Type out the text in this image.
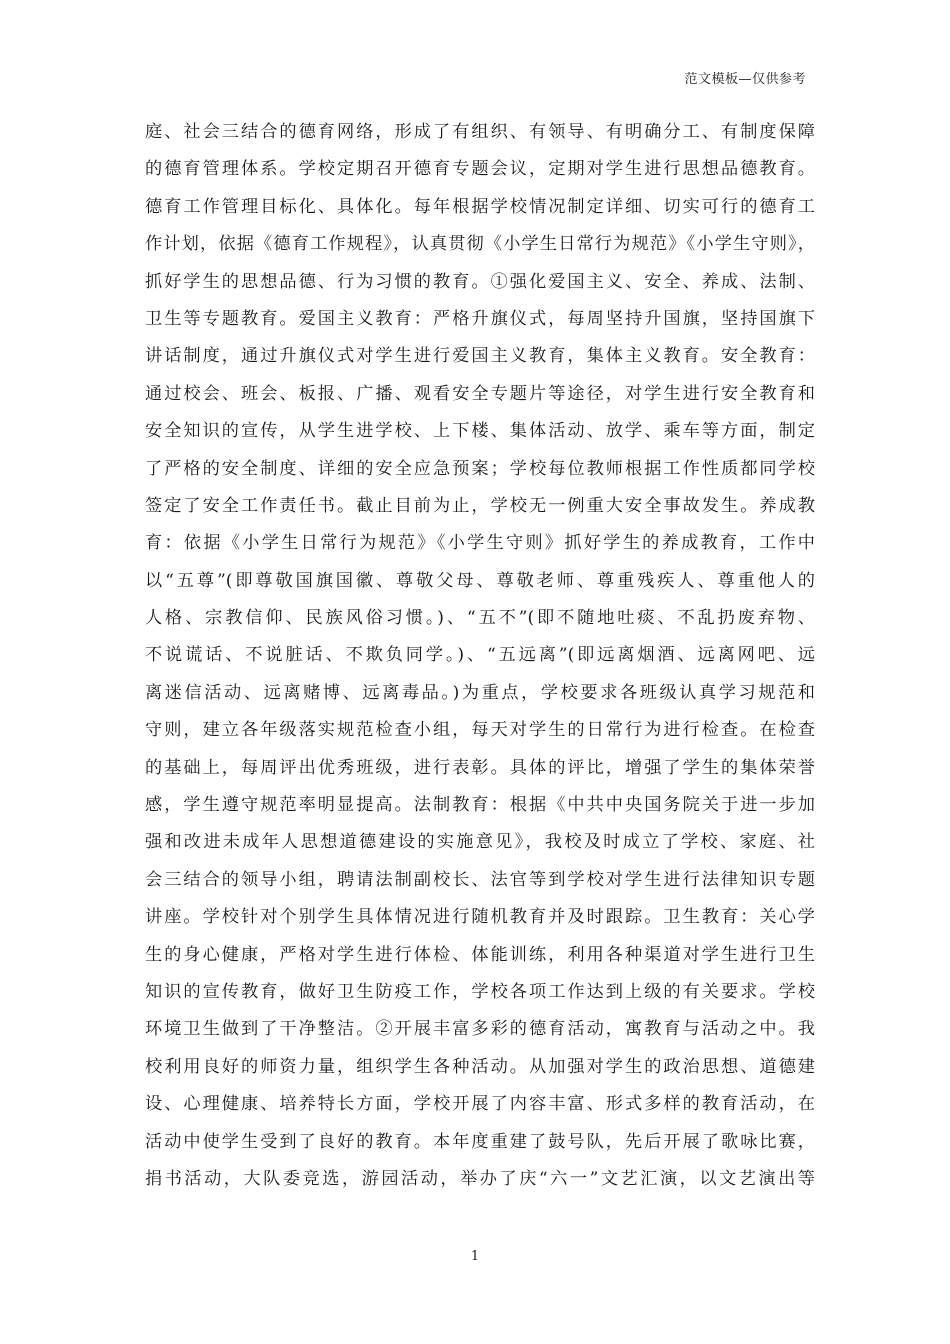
范文模板—仅供参考
庭、社会三结合的德育网络，形成了有组织、有领导、有明确分工、有制度保障
的德育管理体系。学校定期召开德育专题会议，定期对学生进行思想品德教育。
德育工作管理目标化、具体化。每年根据学校情况制定详细、切实可行的德育工
作计划，依据《德育工作规程》，认真贯彻《小学生日常行为规范》《小学生守则》，
抓好学生的思想品德、行为习惯的教育。①强化爱国主义、安全、养成、法制、
卫生等专题教育。爱国主义教育：严格升旗仪式，每周坚持升国旗，坚持国旗下
讲话制度，通过升旗仪式对学生进行爱国主义教育，集体主义教育。安全教育：
通过校会、班会、板报、广播、观看安全专题片等途径，对学生进行安全教育和
安全知识的宣传，从学生进学校、上下楼、集体活动、放学、乘车等方面，制定
了严格的安全制度、详细的安全应急预案；学校每位教师根据工作性质都同学校
签定了安全工作责任书。截止目前为止，学校无一例重大安全事故发生。养成教
育：依据《小学生日常行为规范》《小学生守则》抓好学生的养成教育，工作中
以“五尊”(即尊敬国旗国徽、尊敬父母、尊敬老师、尊重残疾人、尊重他人的
人格、宗教信仰、民族风俗习惯。)、“五不”(即不随地吐痰、不乱扔废弃物、
不说谎话、不说脏话、不欺负同学。)、“五远离”(即远离烟酒、远离网吧、远
离迷信活动、远离赌博、远离毒品。)为重点，学校要求各班级认真学习规范和
守则，建立各年级落实规范检查小组，每天对学生的日常行为进行检查。在检查
的基础上，每周评出优秀班级，进行表彰。具体的评比，增强了学生的集体荣誉
感，学生遵守规范率明显提高。法制教育：根据《中共中央国务院关于进一步加
强和改进未成年人思想道德建设的实施意见》，我校及时成立了学校、家庭、社
会三结合的领导小组，聘请法制副校长、法官等到学校对学生进行法律知识专题
讲座。学校针对个别学生具体情况进行随机教育并及时跟踪。卫生教育：关心学
生的身心健康，严格对学生进行体检、体能训练，利用各种渠道对学生进行卫生
知识的宣传教育，做好卫生防疫工作，学校各项工作达到上级的有关要求。学校
环境卫生做到了干净整洁。②开展丰富多彩的德育活动，寓教育与活动之中。我
校利用良好的师资力量，组织学生各种活动。从加强对学生的政治思想、道德建
设、心理健康、培养特长方面，学校开展了内容丰富、形式多样的教育活动，在
活动中使学生受到了良好的教育。本年度重建了鼓号队，先后开展了歌咏比赛，
捐书活动，大队委竞选，游园活动，举办了庆“六一”文艺汇演，以文艺演出等
1
